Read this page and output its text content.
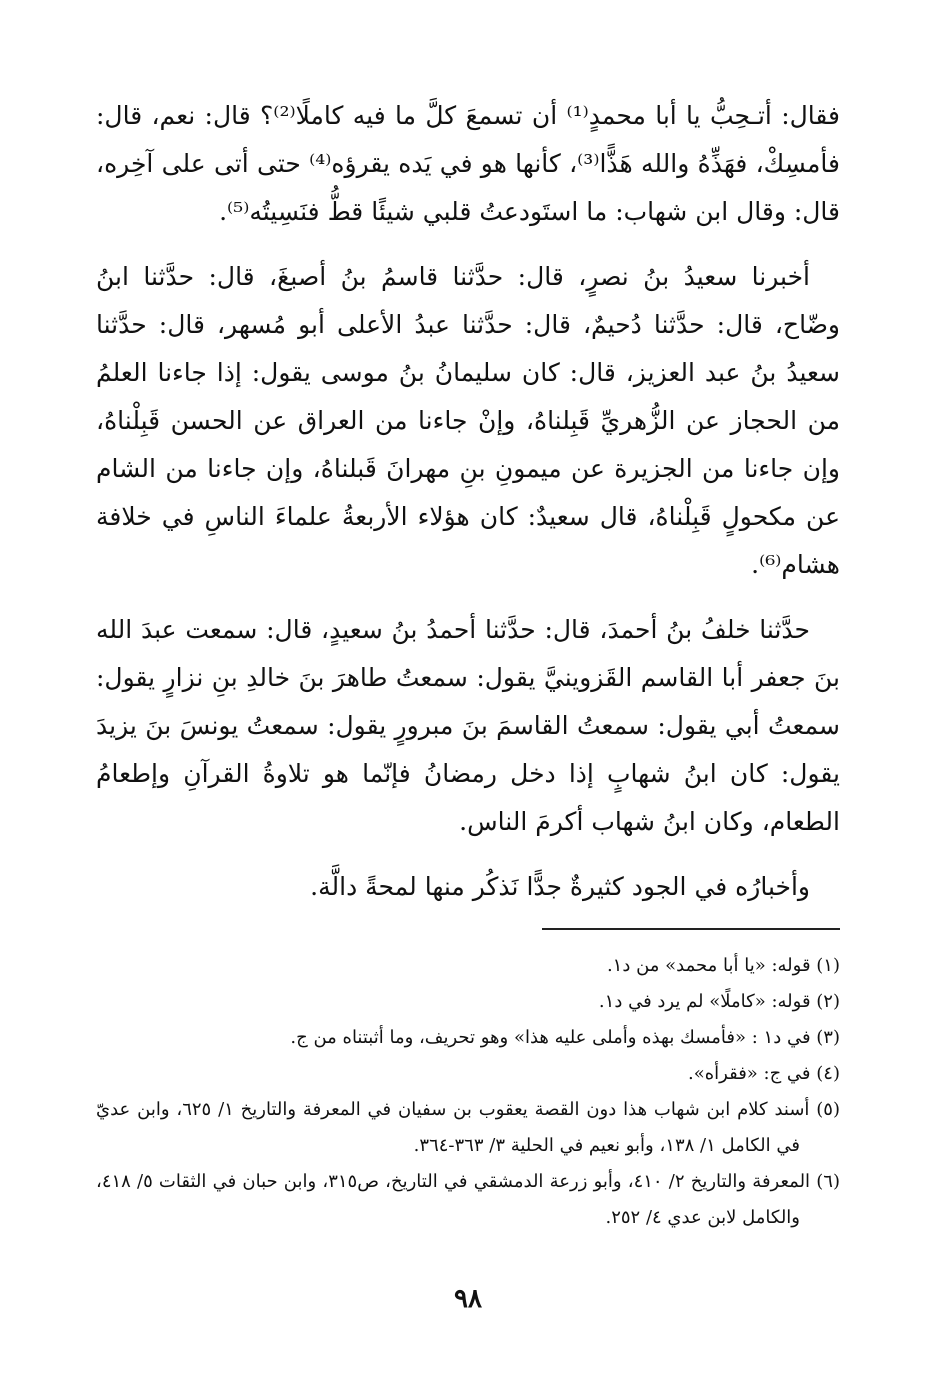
فقال: أتـحِبُّ يا أبا محمدٍ⁽¹⁾ أن تسمعَ كلَّ ما فيه كاملًا⁽²⁾؟ قال: نعم، قال: فأمسِكْ، فهَذِّهُ والله هَذًّا⁽³⁾، كأنها هو في يَده يقرؤه⁽⁴⁾ حتى أتى على آخِره، قال: وقال ابن شهاب: ما استَودعتُ قلبي شيئًا قطُّ فنَسِيتُه⁽⁵⁾.

أخبرنا سعيدُ بنُ نصرٍ، قال: حدَّثنا قاسمُ بنُ أصبغَ، قال: حدَّثنا ابنُ وضّاح، قال: حدَّثنا دُحيمٌ، قال: حدَّثنا عبدُ الأعلى أبو مُسهر، قال: حدَّثنا سعيدُ بنُ عبد العزيز، قال: كان سليمانُ بنُ موسى يقول: إذا جاءنا العلمُ من الحجاز عن الزُّهريِّ قَبِلناهُ، وإنْ جاءنا من العراق عن الحسن قَبِلْناهُ، وإن جاءنا من الجزيرة عن ميمونِ بنِ مهرانَ قَبلناهُ، وإن جاءنا من الشام عن مكحولٍ قَبِلْناهُ، قال سعيدٌ: كان هؤلاء الأربعةُ علماءَ الناسِ في خلافة هشام⁽⁶⁾.

حدَّثنا خلفُ بنُ أحمدَ، قال: حدَّثنا أحمدُ بنُ سعيدٍ، قال: سمعت عبدَ الله بنَ جعفر أبا القاسم القَزوينيَّ يقول: سمعتُ طاهرَ بنَ خالدِ بنِ نزارٍ يقول: سمعتُ أبي يقول: سمعتُ القاسمَ بنَ مبرورٍ يقول: سمعتُ يونسَ بنَ يزيدَ يقول: كان ابنُ شهابٍ إذا دخل رمضانُ فإنّما هو تلاوةُ القرآنِ وإطعامُ الطعام، وكان ابنُ شهاب أكرمَ الناس.

وأخبارُه في الجود كثيرةٌ جدًّا نَذكُر منها لمحةً دالَّة.

(١) قوله: «يا أبا محمد» من د١.
(٢) قوله: «كاملًا» لم يرد في د١.
(٣) في د١ : «فأمسك بهذه وأملى عليه هذا» وهو تحريف، وما أثبتناه من ج.
(٤) في ج: «فقرأه».
(٥) أسند كلام ابن شهاب هذا دون القصة يعقوب بن سفيان في المعرفة والتاريخ ١/ ٦٢٥، وابن عديّ في الكامل ١/ ١٣٨، وأبو نعيم في الحلية ٣/ ٣٦٣-٣٦٤.
(٦) المعرفة والتاريخ ٢/ ٤١٠، وأبو زرعة الدمشقي في التاريخ، ص٣١٥، وابن حبان في الثقات ٥/ ٤١٨، والكامل لابن عدي ٤/ ٢٥٢.
٩٨
